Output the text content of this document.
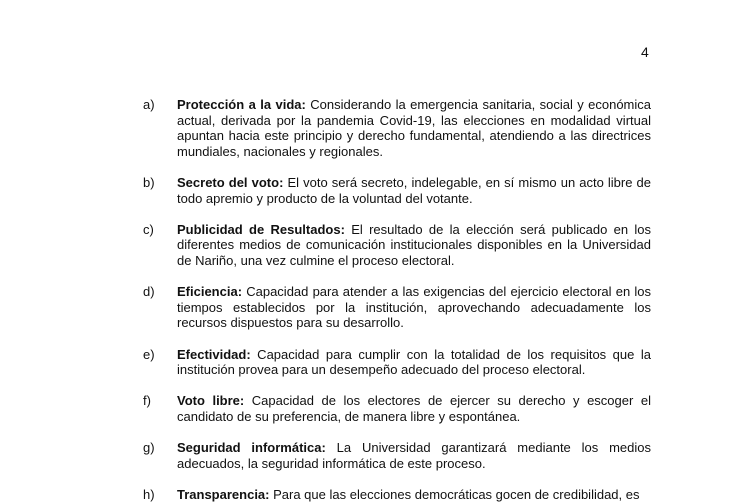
4
a) Protección a la vida: Considerando la emergencia sanitaria, social y económica actual, derivada por la pandemia Covid-19, las elecciones en modalidad virtual apuntan hacia este principio y derecho fundamental, atendiendo a las directrices mundiales, nacionales y regionales.
b) Secreto del voto: El voto será secreto, indelegable, en sí mismo un acto libre de todo apremio y producto de la voluntad del votante.
c) Publicidad de Resultados: El resultado de la elección será publicado en los diferentes medios de comunicación institucionales disponibles en la Universidad de Nariño, una vez culmine el proceso electoral.
d) Eficiencia: Capacidad para atender a las exigencias del ejercicio electoral en los tiempos establecidos por la institución, aprovechando adecuadamente los recursos dispuestos para su desarrollo.
e) Efectividad: Capacidad para cumplir con la totalidad de los requisitos que la institución provea para un desempeño adecuado del proceso electoral.
f) Voto libre: Capacidad de los electores de ejercer su derecho y escoger el candidato de su preferencia, de manera libre y espontánea.
g) Seguridad informática: La Universidad garantizará mediante los medios adecuados, la seguridad informática de este proceso.
h) Transparencia: Para que las elecciones democráticas gocen de credibilidad, es
